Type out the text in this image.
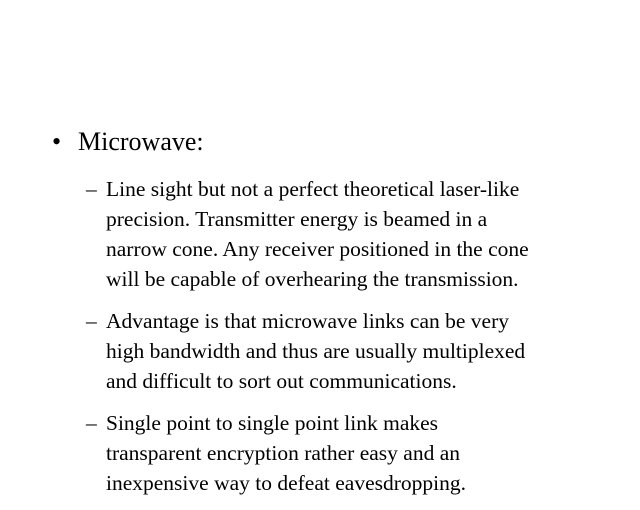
• Microwave:
– Line sight but not a perfect theoretical laser-like
precision. Transmitter energy is beamed in a
narrow cone. Any receiver positioned in the cone
will be capable of overhearing the transmission.
– Advantage is that microwave links can be very
high bandwidth and thus are usually multiplexed
and difficult to sort out communications.
– Single point to single point link makes
transparent encryption rather easy and an
inexpensive way to defeat eavesdropping.
